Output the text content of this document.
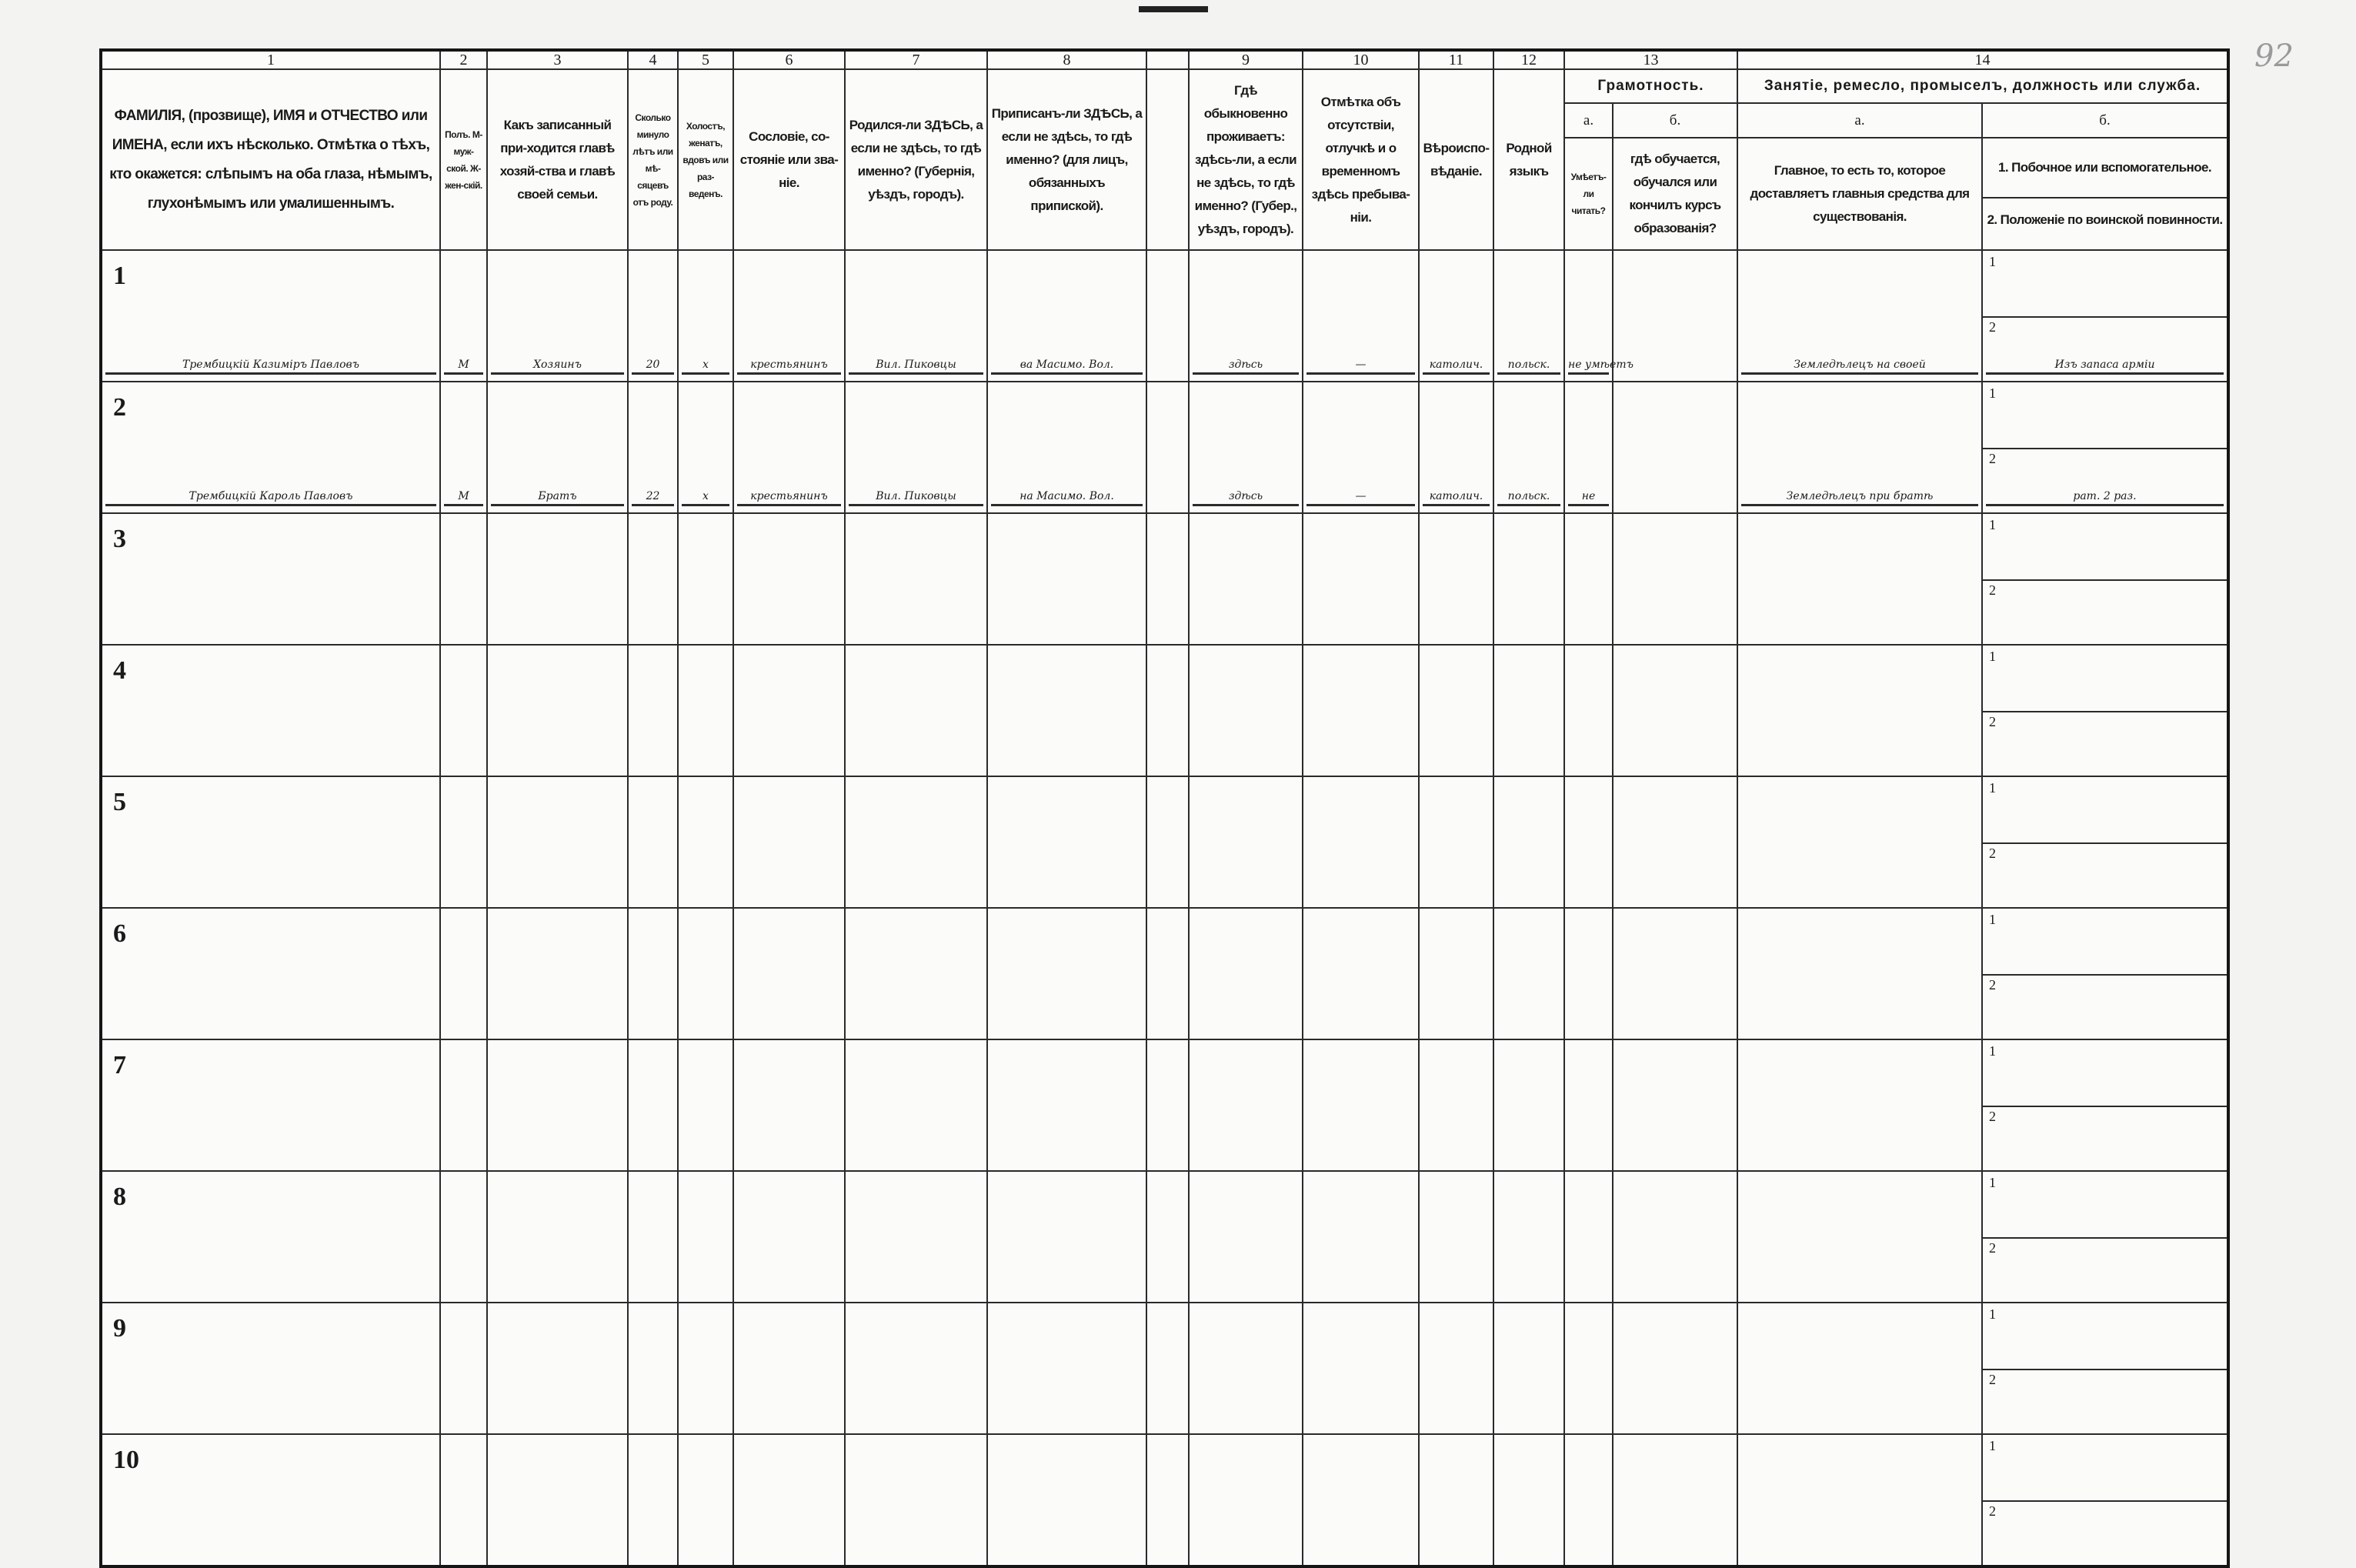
92
1	2	3	4	5	6	7	8		9	10	11	12	13		14	
ФАМИЛІЯ, (прозвище), ИМЯ и ОТЧЕСТВО или ИМЕНА, если ихъ нѣсколько. Отмѣтка о тѣхъ, кто окажется: слѣпымъ на оба глаза, нѣмымъ, глухонѣмымъ или умалишеннымъ.	Полъ. М-муж-ской. Ж-жен-скій.	Какъ записанный при-ходится главѣ хозяй-ства и главѣ своей семьи.	Сколько минуло лѣтъ или мѣ-сяцевъ отъ роду.	Холостъ, женатъ, вдовъ или раз-веденъ.	Сословіе, со-стояніе или зва-ніе.	Родился-ли ЗДѢСЬ, а если не здѣсь, то гдѣ именно? (Губернія, уѣздъ, городъ).	Приписанъ-ли ЗДѢСЬ, а если не здѣсь, то гдѣ именно? (для лицъ, обязанныхъ припиской).		Гдѣ обыкновенно проживаетъ: здѣсь-ли, а если не здѣсь, то гдѣ именно? (Губер., уѣздъ, городъ).	Отмѣтка объ отсутствіи, отлучкѣ и о временномъ здѣсь пребыва-ніи.	Вѣроиспо-вѣданіе.	Родной языкъ	Грамотность.		Занятіе, ремесло, промыселъ, должность или служба.	
													а.	б.	а.	б.
													Умѣетъ-ли читать?	гдѣ обучается, обучался или кончилъ курсъ образованія?	Главное, то есть то, которое доставляетъ главныя средства для существованія.	1. Побочное или вспомогательное.
2. Положеніе по воинской повинности.

1
Трембицкій Казиміръ Павловъ	М	Хозяинъ	20	х	крестьянинъ	Вил. Пиковцы	ва Масимо. Вол.		здѣсь	—	католич.	польск.	не умѣетъ		Земледѣлецъ на своей	1
2
Изъ запаса арміи

2
Трембицкій Кароль Павловъ	М	Братъ	22	х	крестьянинъ	Вил. Пиковцы	на Масимо. Вол.		здѣсь	—	католич.	польск.	не		Земледѣлецъ при братѣ	1
2
рат. 2 раз.

3																1
2

4																1
2

5																1
2

6																1
2

7																1
2

8																1
2

9																1
2

10																1
2
